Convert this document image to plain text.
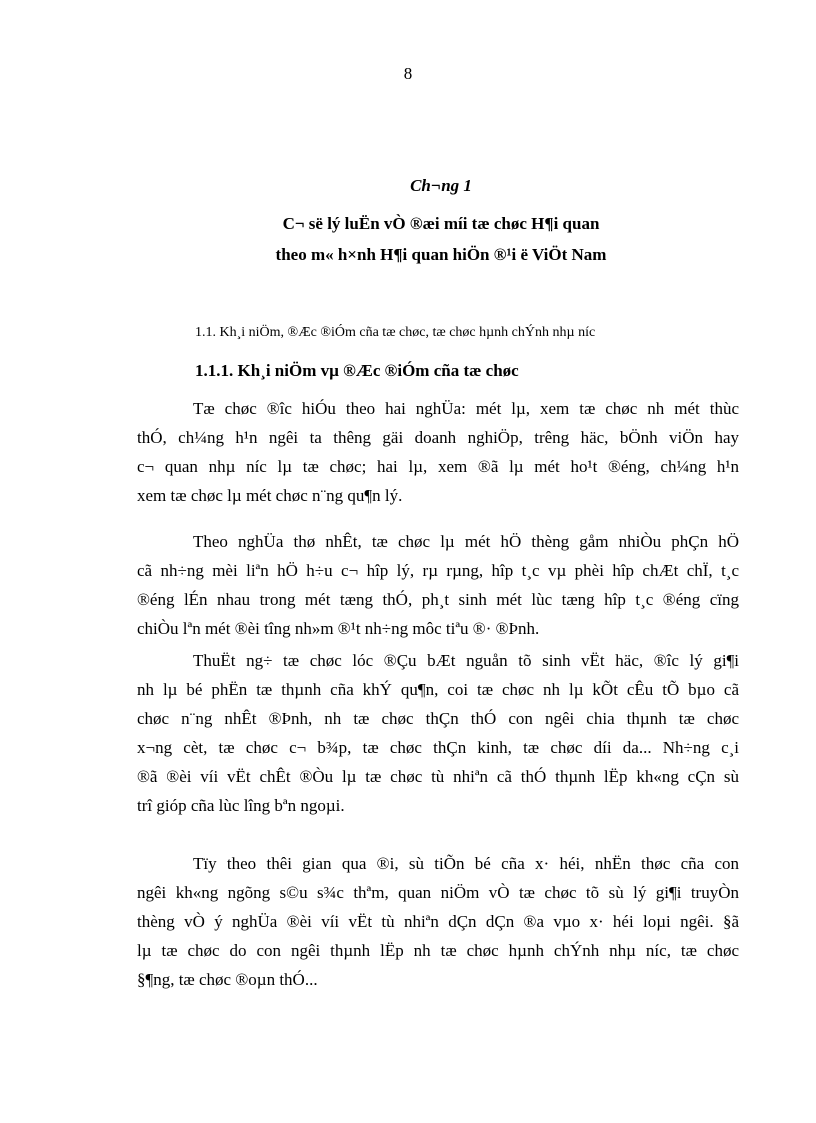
8
Ch¬ng 1
C¬ së lý luËn vÒ ®æi míi tæ chøc H¶i quan
theo m« h×nh H¶i quan hiÖn ®¹i ë ViÖt Nam
1.1. Kh¸i niÖm, ®Æc ®iÓm cña tæ chøc, tæ chøc hµnh chÝnh nhµ níc
1.1.1. Kh¸i niÖm vµ ®Æc ®iÓm cña tæ chøc
Tæ chøc ®îc hiÓu theo hai nghÜa: mét lµ, xem tæ chøc nh mét thùc
thÓ, ch¼ng h¹n ngêi ta thêng gäi doanh nghiÖp, trêng häc, bÖnh viÖn hay
c¬ quan nhµ níc lµ tæ chøc; hai lµ, xem ®ã lµ mét ho¹t ®éng, ch¼ng h¹n
xem tæ chøc lµ mét chøc n¨ng qu¶n lý.
Theo nghÜa thø nhÊt, tæ chøc lµ mét hÖ thèng gåm nhiÒu phÇn hÖ
cã nh÷ng mèi liªn hÖ h÷u c¬ hîp lý, rµ rµng, hîp t¸c vµ phèi hîp chÆt chÏ, t¸c
®éng lÉn nhau trong mét tæng thÓ, ph¸t sinh mét lùc tæng hîp t¸c ®éng cïng
chiÒu lªn mét ®èi tîng nh»m ®¹t nh÷ng môc tiªu ®· ®Þnh.
ThuËt ng÷ tæ chøc lóc ®Çu bÆt nguån tõ sinh vËt häc, ®îc lý gi¶i
nh lµ bé phËn tæ thµnh cña khÝ qu¶n, coi tæ chøc nh lµ kÕt cÊu tÕ bµo cã
chøc n¨ng nhÊt ®Þnh, nh tæ chøc thÇn thÓ con ngêi chia thµnh tæ chøc
x¬ng cèt, tæ chøc c¬ b¾p, tæ chøc thÇn kinh, tæ chøc díi da... Nh÷ng c¸i
®ã ®èi víi vËt chÊt ®Òu lµ tæ chøc tù nhiªn cã thÓ thµnh lËp kh«ng cÇn sù
trî gióp cña lùc lîng bªn ngoµi.
Tïy theo thêi gian qua ®i, sù tiÕn bé cña x· héi, nhËn thøc cña con
ngêi kh«ng ngõng s©u s¾c thªm, quan niÖm vÒ tæ chøc tõ sù lý gi¶i truyÒn
thèng vÒ ý nghÜa ®èi víi vËt tù nhiªn dÇn dÇn ®a vµo x· héi loµi ngêi. §ã
lµ tæ chøc do con ngêi thµnh lËp nh tæ chøc hµnh chÝnh nhµ níc, tæ chøc
§¶ng, tæ chøc ®oµn thÓ...
